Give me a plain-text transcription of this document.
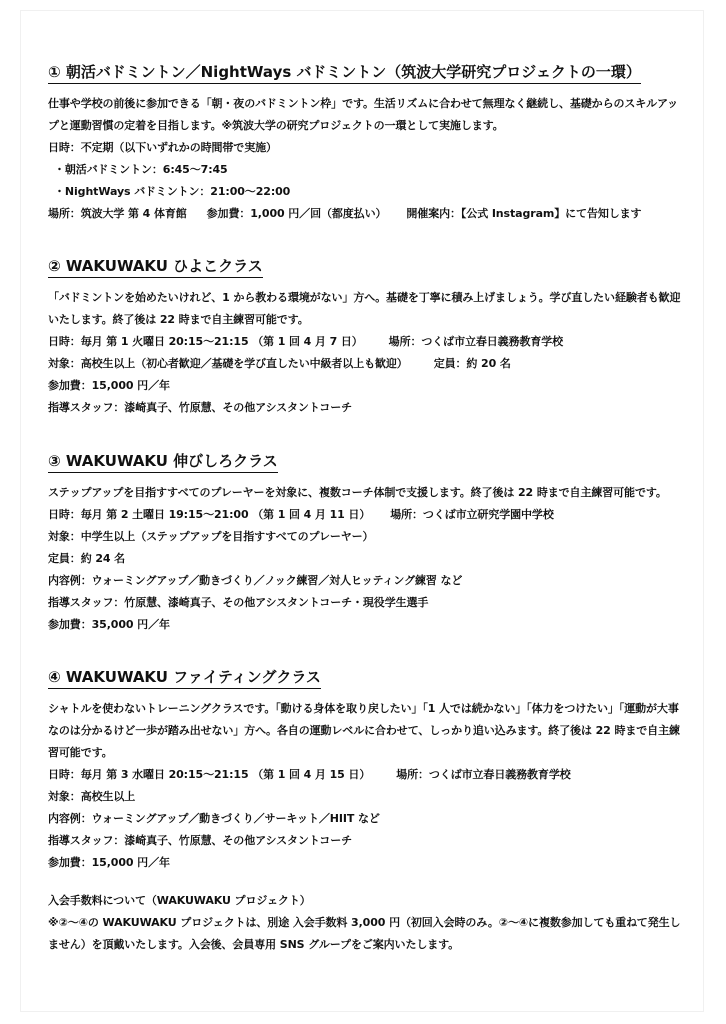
① 朝活バドミントン／NightWays バドミントン（筑波大学研究プロジェクトの一環）

仕事や学校の前後に参加できる「朝・夜のバドミントン枠」です。生活リズムに合わせて無理なく継続し、基礎からのスキルアップと運動習慣の定着を目指します。※筑波大学の研究プロジェクトの一環として実施します。

日時：不定期（以下いずれかの時間帯で実施）

・朝活バドミントン：6:45～7:45

・NightWays バドミントン：21:00～22:00

場所：筑波大学 第 4 体育館 参加費：1,000 円／回（都度払い） 開催案内：【公式 Instagram】にて告知します

② WAKUWAKU ひよこクラス

「バドミントンを始めたいけれど、1 から教わる環境がない」方へ。基礎を丁寧に積み上げましょう。学び直したい経験者も歓迎いたします。終了後は 22 時まで自主練習可能です。

日時：毎月 第 1 火曜日 20:15～21:15 （第 1 回 4 月 7 日） 場所：つくば市立春日義務教育学校

対象：高校生以上（初心者歓迎／基礎を学び直したい中級者以上も歓迎） 定員：約 20 名

参加費：15,000 円／年

指導スタッフ：漆崎真子、竹原慧、その他アシスタントコーチ

③ WAKUWAKU 伸びしろクラス

ステップアップを目指すすべてのプレーヤーを対象に、複数コーチ体制で支援します。終了後は 22 時まで自主練習可能です。

日時：毎月 第 2 土曜日 19:15～21:00 （第 1 回 4 月 11 日） 場所：つくば市立研究学園中学校

対象：中学生以上（ステップアップを目指すすべてのプレーヤー）

定員：約 24 名

内容例：ウォーミングアップ／動きづくり／ノック練習／対人ヒッティング練習 など

指導スタッフ：竹原慧、漆崎真子、その他アシスタントコーチ・現役学生選手

参加費：35,000 円／年

④ WAKUWAKU ファイティングクラス

シャトルを使わないトレーニングクラスです。「動ける身体を取り戻したい」「1 人では続かない」「体力をつけたい」「運動が大事なのは分かるけど一歩が踏み出せない」方へ。各自の運動レベルに合わせて、しっかり追い込みます。終了後は 22 時まで自主練習可能です。

日時：毎月 第 3 水曜日 20:15～21:15 （第 1 回 4 月 15 日） 場所：つくば市立春日義務教育学校

対象：高校生以上

内容例：ウォーミングアップ／動きづくり／サーキット／HIIT など

指導スタッフ：漆崎真子、竹原慧、その他アシスタントコーチ

参加費：15,000 円／年

入会手数料について（WAKUWAKU プロジェクト）

※②～④の WAKUWAKU プロジェクトは、別途 入会手数料 3,000 円（初回入会時のみ。②～④に複数参加しても重ねて発生しません）を頂戴いたします。入会後、会員専用 SNS グループをご案内いたします。
